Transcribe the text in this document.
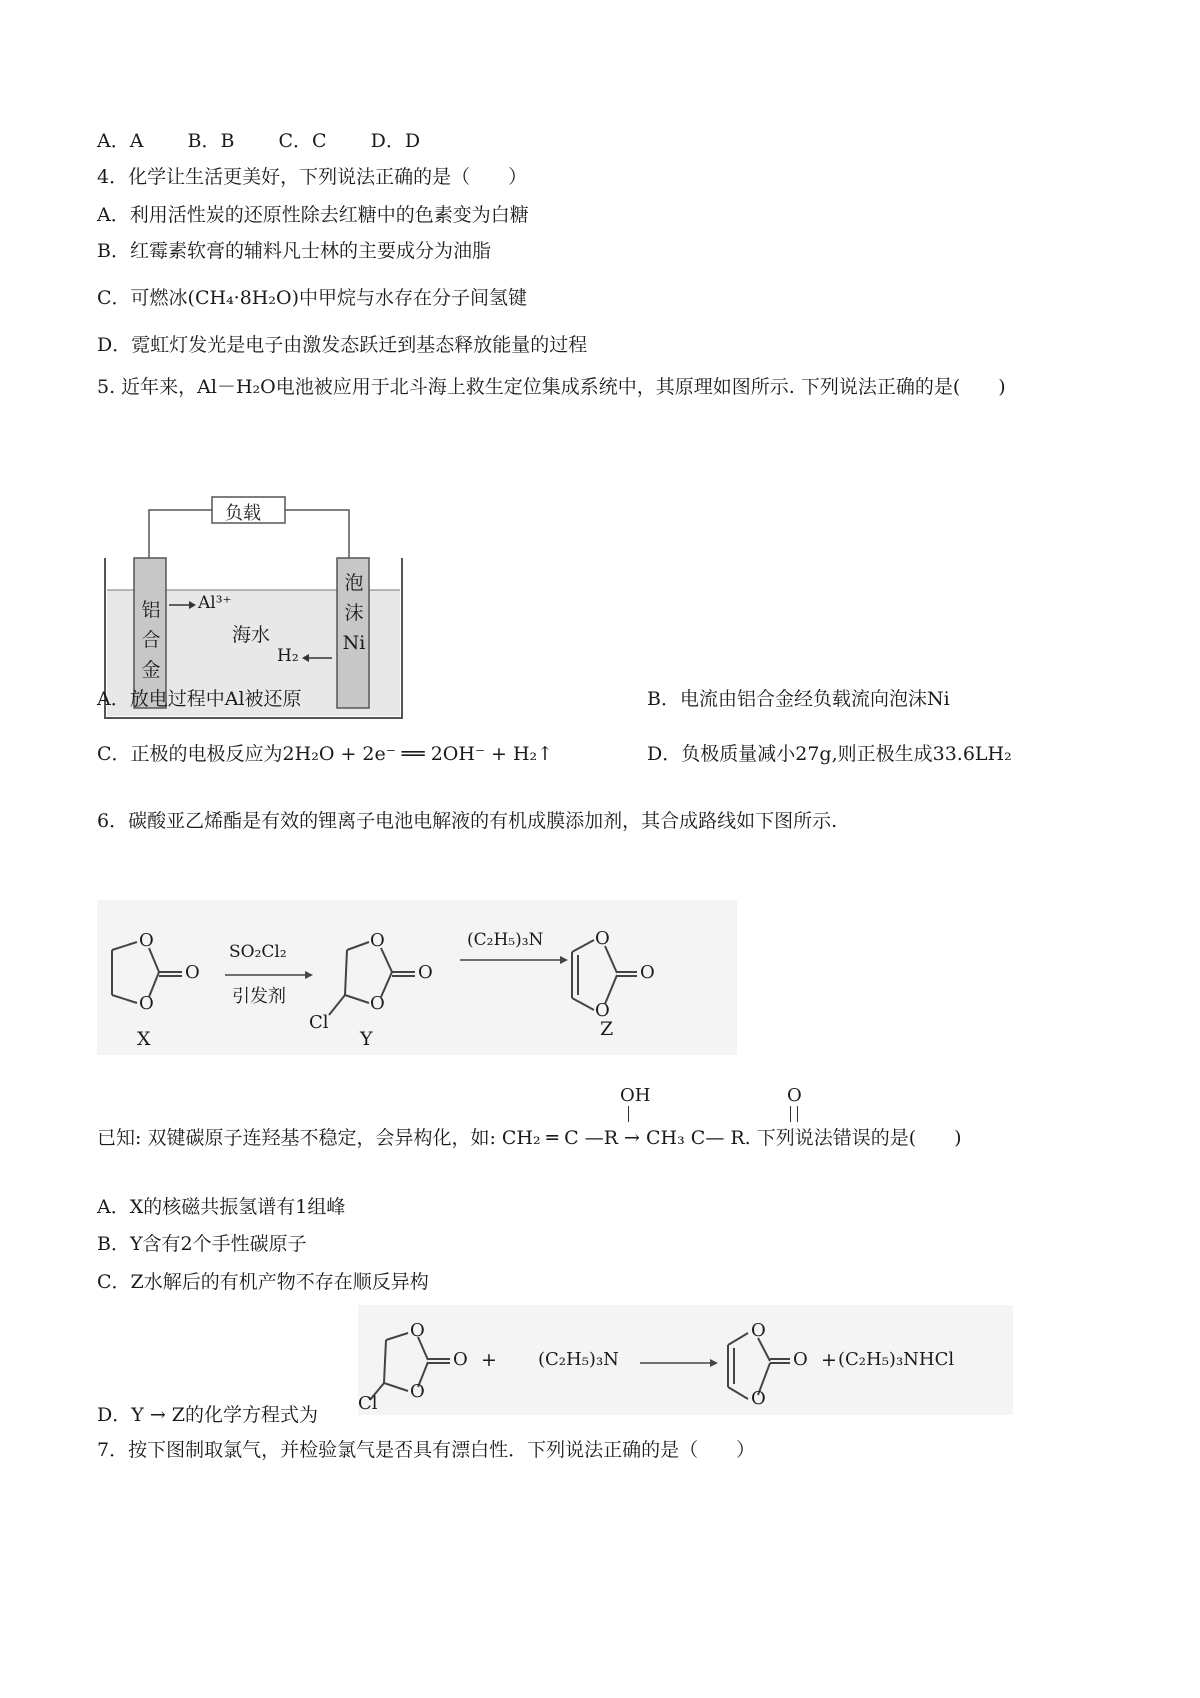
A．A B．B C．C D．D
4．化学让生活更美好，下列说法正确的是（　　）
A．利用活性炭的还原性除去红糖中的色素变为白糖
B．红霉素软膏的辅料凡士林的主要成分为油脂
C．可燃冰(CH₄·8H₂O)中甲烷与水存在分子间氢键
D．霓虹灯发光是电子由激发态跃迁到基态释放能量的过程
5. 近年来，Al－H₂O电池被应用于北斗海上救生定位集成系统中，其原理如图所示. 下列说法正确的是(　　)
负载
铝
合
金
泡
沫
Ni
Al³⁺
海水
H₂
A．放电过程中Al被还原	B．电流由铝合金经负载流向泡沫Ni
C．正极的电极反应为2H₂O + 2e⁻ ══ 2OH⁻ + H₂↑	D．负极质量减小27g,则正极生成33.6LH₂
6．碳酸亚乙烯酯是有效的锂离子电池电解液的有机成膜添加剂，其合成路线如下图所示.
O
O
O
X
SO₂Cl₂
引发剂
O
O
O
Cl
Y
(C₂H₅)₃N	O
O
O
Z
OH	O
已知: 双键碳原子连羟基不稳定，会异构化，如: CH₂ ═ C —R → CH₃ C— R. 下列说法错误的是(　　)
A．X的核磁共振氢谱有1组峰
B．Y含有2个手性碳原子
C．Z水解后的有机产物不存在顺反异构
O
O
O
Cl
+ (C₂H₅)₃N
O
O
O + (C₂H₅)₃NHCl
D．Y → Z的化学方程式为
7．按下图制取氯气，并检验氯气是否具有漂白性．下列说法正确的是（　　）
